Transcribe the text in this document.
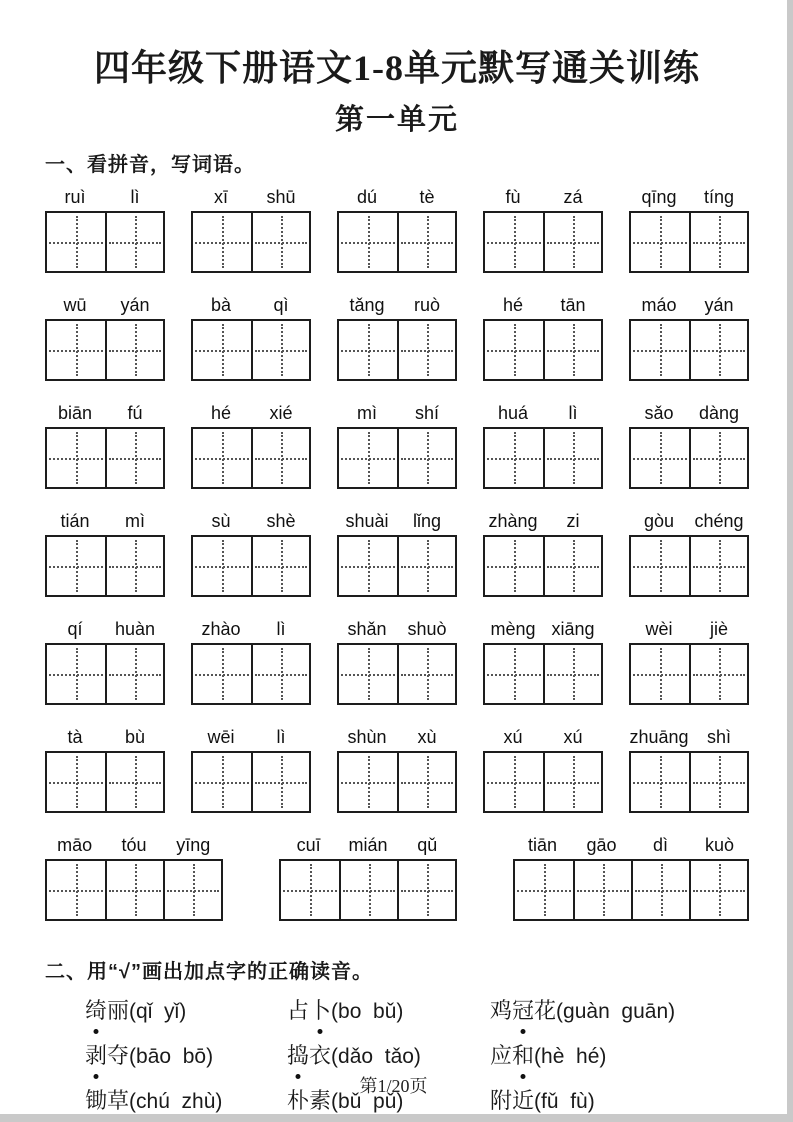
四年级下册语文1-8单元默写通关训练
第一单元
一、看拼音，写词语。
ruì	lì	xī	shū	dú	tè	fù	zá	qīng	tíng
wū	yán	bà	qì	tǎng	ruò	hé	tān	máo	yán
biān	fú	hé	xié	mì	shí	huá	lì	sǎo	dàng
tián	mì	sù	shè	shuài	lǐng	zhàng	zi	gòu	chéng
qí	huàn	zhào	lì	shǎn	shuò	mèng xiāng	wèi	jiè
tà	bù	wēi	lì	shùn	xù	xú	xú	zhuāng	shì
māo	tóu	yīng	cuī	mián	qǔ	tiān	gāo	dì	kuò
二、用“√”画出加点字的正确读音。
绮丽(qǐ  yǐ)	占卜(bo  bǔ)	鸡冠花(guàn  guān)
剥夺(bāo  bō)	捣衣(dǎo  tǎo)	应和(hè  hé)
锄草(chú  zhù)	朴素(bǔ  pǔ)	附近(fǔ  fù)
第1/20页
